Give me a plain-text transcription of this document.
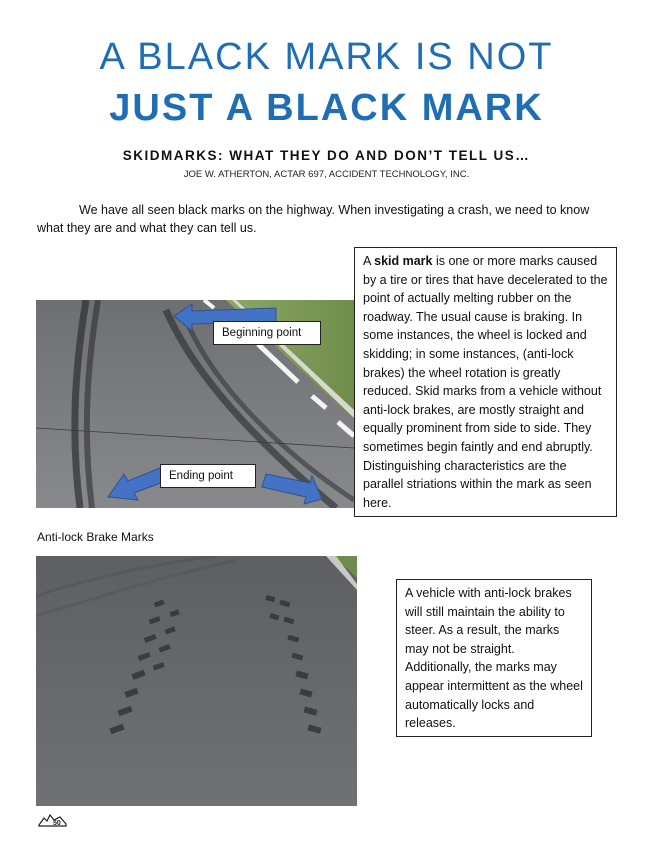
A BLACK MARK IS NOT
JUST A BLACK MARK
SKIDMARKS: WHAT THEY DO AND DON’T TELL US…
JOE W. ATHERTON, ACTAR 697, ACCIDENT TECHNOLOGY, INC.
We have all seen black marks on the highway. When investigating a crash, we need to know what they are and what they can tell us.
Beginning point
Ending point
A skid mark is one or more marks caused by a tire or tires that have decelerated to the point of actually melting rubber on the roadway. The usual cause is braking. In some instances, the wheel is locked and skidding; in some instances, (anti-lock brakes) the wheel rotation is greatly reduced. Skid marks from a vehicle without anti-lock brakes, are mostly straight and equally prominent from side to side. They sometimes begin faintly and end abruptly. Distinguishing characteristics are the parallel striations within the mark as seen here.
Anti-lock Brake Marks
A vehicle with anti-lock brakes will still maintain the ability to steer. As a result, the marks may not be straight. Additionally, the marks may appear intermittent as the wheel automatically locks and releases.
50
